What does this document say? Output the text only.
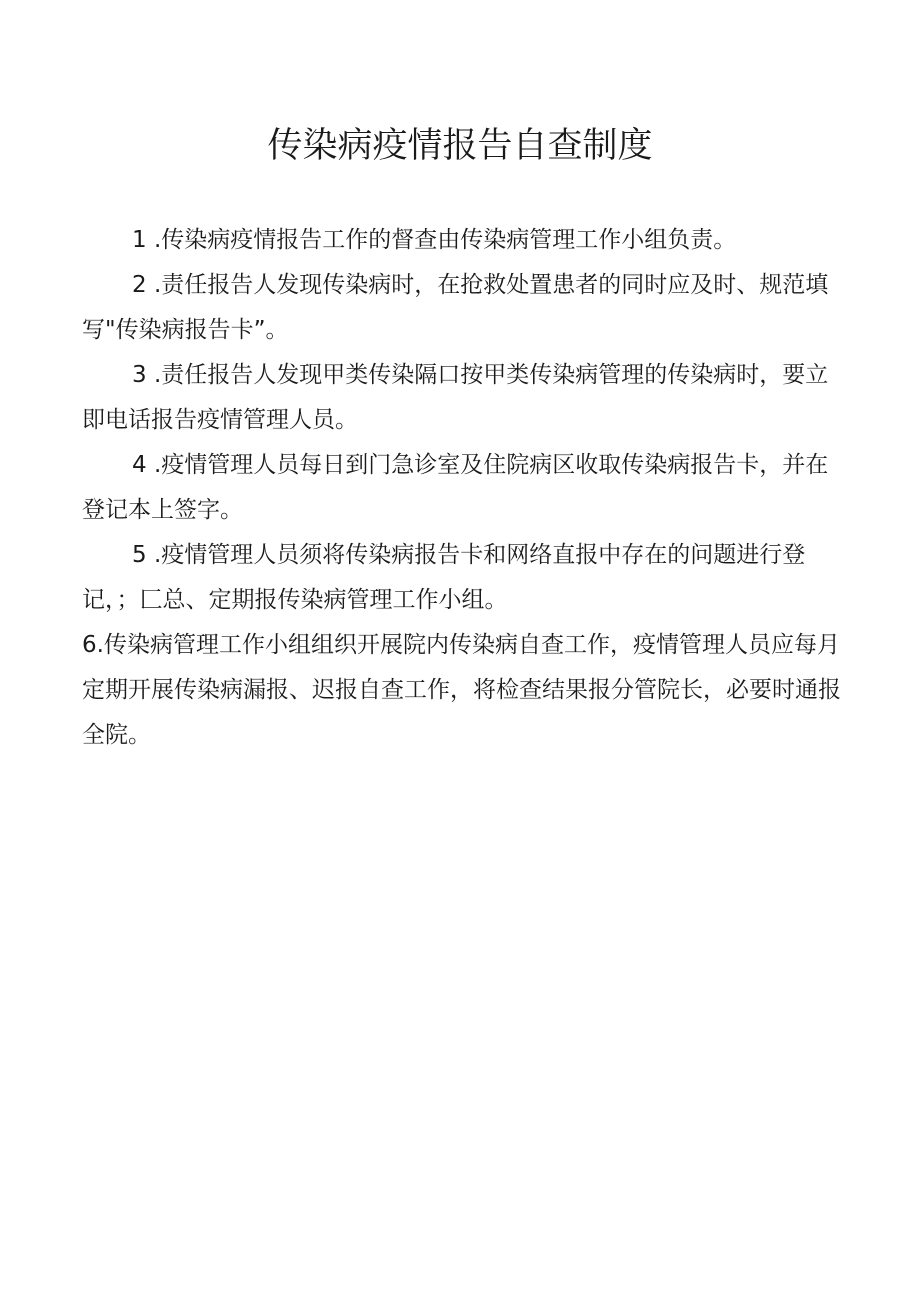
传染病疫情报告自查制度

1 .传染病疫情报告工作的督查由传染病管理工作小组负责。

2 .责任报告人发现传染病时，在抢救处置患者的同时应及时、规范填写"传染病报告卡”。

3 .责任报告人发现甲类传染隔口按甲类传染病管理的传染病时，要立即电话报告疫情管理人员。

4 .疫情管理人员每日到门急诊室及住院病区收取传染病报告卡，并在登记本上签字。

5 .疫情管理人员须将传染病报告卡和网络直报中存在的问题进行登记，；匚总、定期报传染病管理工作小组。

6.传染病管理工作小组组织开展院内传染病自查工作，疫情管理人员应每月定期开展传染病漏报、迟报自查工作，将检查结果报分管院长，必要时通报全院。
